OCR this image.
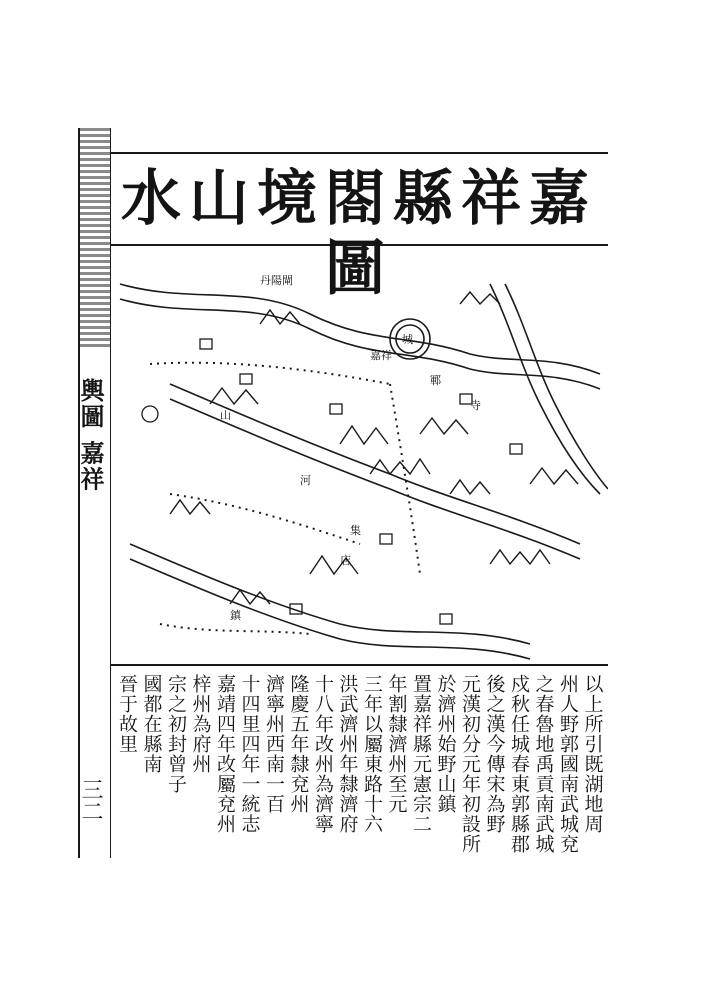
輿圖 嘉祥
三二
嘉祥縣閤境山水圖
城
丹陽閘
鄆
嘉祥
河
山
店
寺
集
鎮
以上所引既湖地周
州人野郭國南武城兗
之春魯地禹貢南武城
戍秋任城春東郭縣郡
後之漢今傳宋為野
元漢初分元年初設所
於濟州始野山鎮
置嘉祥縣元憲宗二
年割隸濟州至元
三年以屬東路十六
洪武濟州年隸濟府
十八年改州為濟寧
隆慶五年隸兗州
濟寧州西南一百
十四里四年一統志
嘉靖四年改屬兗州
梓州為府州
宗之初封曾子
國都在縣南
晉于故里
